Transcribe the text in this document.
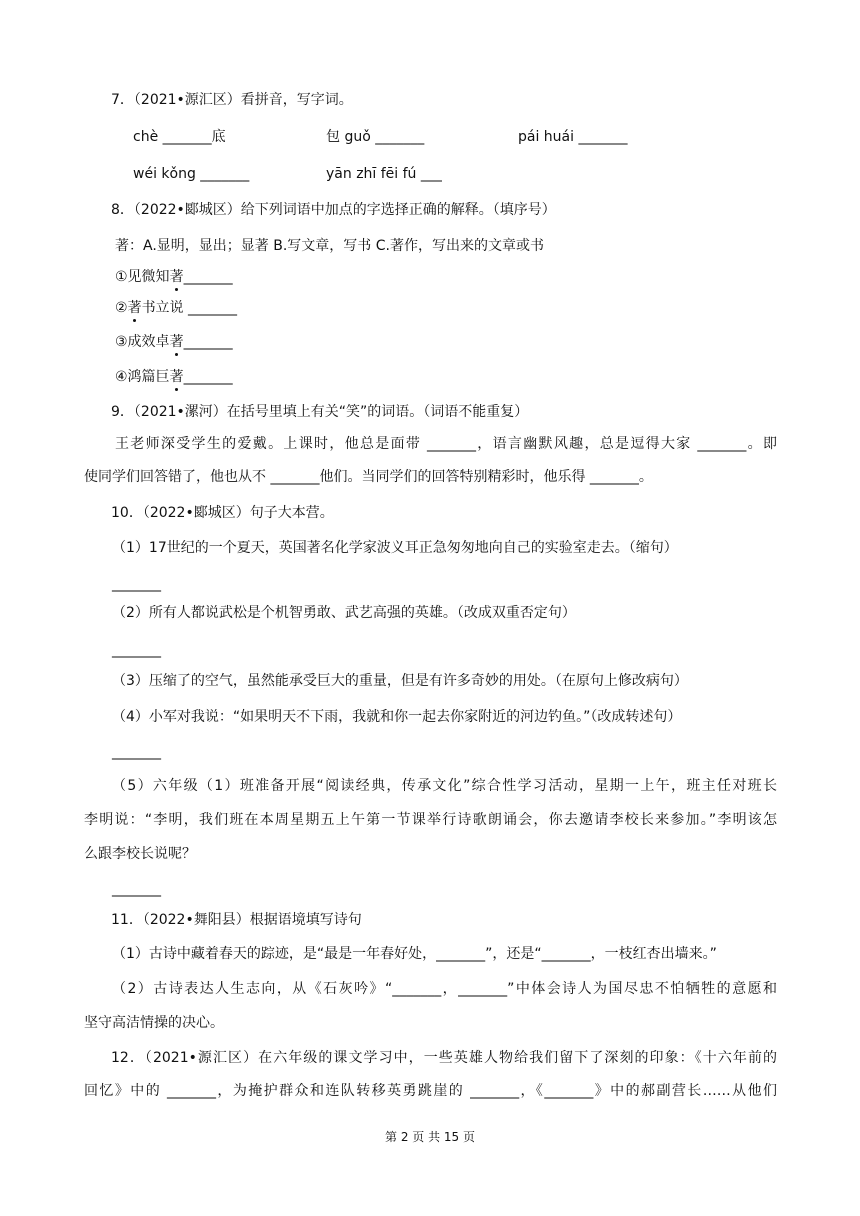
7．（2021•源汇区）看拼音，写字词。
chè _______底	包 guǒ _______	pái huái _______
wéi kǒng _______	yān zhī fēi fú ___
8．（2022•郾城区）给下列词语中加点的字选择正确的解释。（填序号）
著：A.显明，显出；显著 B.写文章，写书 C.著作，写出来的文章或书
①见微知著_______
②著书立说 _______
③成效卓著_______
④鸿篇巨著_______
9．（2021•漯河）在括号里填上有关“笑”的词语。（词语不能重复）
王老师深受学生的爱戴。上课时，他总是面带 _______，语言幽默风趣，总是逗得大家 _______。即
使同学们回答错了，他也从不 _______他们。当同学们的回答特别精彩时，他乐得 _______。
10．（2022•郾城区）句子大本营。
（1）17世纪的一个夏天，英国著名化学家波义耳正急匆匆地向自己的实验室走去。（缩句）
_______
（2）所有人都说武松是个机智勇敢、武艺高强的英雄。（改成双重否定句）
_______
（3）压缩了的空气，虽然能承受巨大的重量，但是有许多奇妙的用处。（在原句上修改病句）
（4）小军对我说：“如果明天不下雨，我就和你一起去你家附近的河边钓鱼。”（改成转述句）
_______
（5）六年级（1）班准备开展“阅读经典，传承文化”综合性学习活动，星期一上午，班主任对班长
李明说：“李明，我们班在本周星期五上午第一节课举行诗歌朗诵会，你去邀请李校长来参加。”李明该怎
么跟李校长说呢？
_______
11．（2022•舞阳县）根据语境填写诗句
（1）古诗中藏着春天的踪迹，是“最是一年春好处，_______”，还是“_______，一枝红杏出墙来。”
（2）古诗表达人生志向，从《石灰吟》“_______，_______”中体会诗人为国尽忠不怕牺牲的意愿和
坚守高洁情操的决心。
12．（2021•源汇区）在六年级的课文学习中，一些英雄人物给我们留下了深刻的印象：《十六年前的
回忆》中的 _______，为掩护群众和连队转移英勇跳崖的 _______，《_______》中的郝副营长……从他们
第 2 页 共 15 页
